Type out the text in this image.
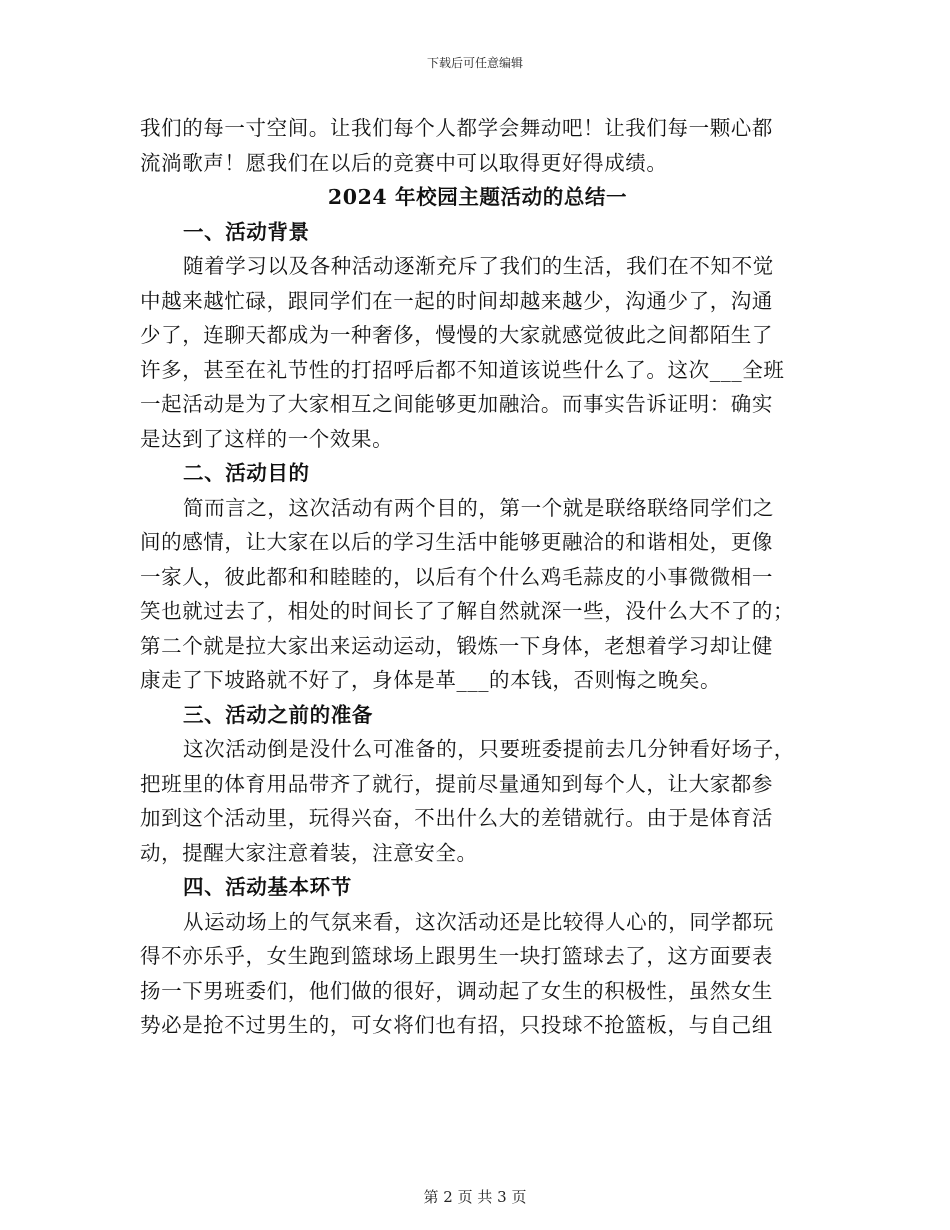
下载后可任意编辑
我们的每一寸空间。让我们每个人都学会舞动吧！让我们每一颗心都
流淌歌声！愿我们在以后的竞赛中可以取得更好得成绩。
2024 年校园主题活动的总结一
一、活动背景
随着学习以及各种活动逐渐充斥了我们的生活，我们在不知不觉
中越来越忙碌，跟同学们在一起的时间却越来越少，沟通少了，沟通
少了，连聊天都成为一种奢侈，慢慢的大家就感觉彼此之间都陌生了
许多，甚至在礼节性的打招呼后都不知道该说些什么了。这次___全班
一起活动是为了大家相互之间能够更加融洽。而事实告诉证明：确实
是达到了这样的一个效果。
二、活动目的
简而言之，这次活动有两个目的，第一个就是联络联络同学们之
间的感情，让大家在以后的学习生活中能够更融洽的和谐相处，更像
一家人，彼此都和和睦睦的，以后有个什么鸡毛蒜皮的小事微微相一
笑也就过去了，相处的时间长了了解自然就深一些，没什么大不了的；
第二个就是拉大家出来运动运动，锻炼一下身体，老想着学习却让健
康走了下坡路就不好了，身体是革___的本钱，否则悔之晚矣。
三、活动之前的准备
这次活动倒是没什么可准备的，只要班委提前去几分钟看好场子，
把班里的体育用品带齐了就行，提前尽量通知到每个人，让大家都参
加到这个活动里，玩得兴奋，不出什么大的差错就行。由于是体育活
动，提醒大家注意着装，注意安全。
四、活动基本环节
从运动场上的气氛来看，这次活动还是比较得人心的，同学都玩
得不亦乐乎，女生跑到篮球场上跟男生一块打篮球去了，这方面要表
扬一下男班委们，他们做的很好，调动起了女生的积极性，虽然女生
势必是抢不过男生的，可女将们也有招，只投球不抢篮板，与自己组
第 2 页 共 3 页
